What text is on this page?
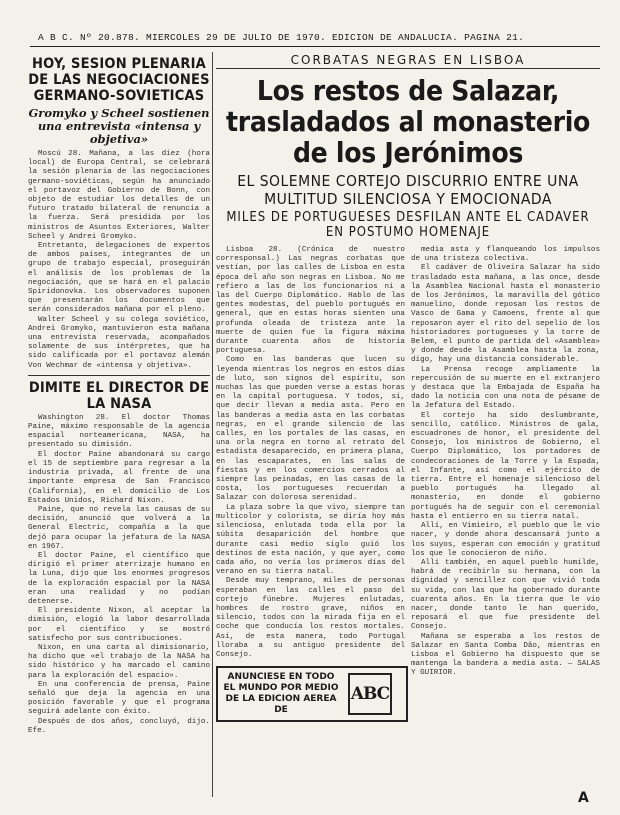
A B C. Nº 20.878. MIERCOLES 29 DE JULIO DE 1970. EDICION DE ANDALUCIA. PAGINA 21.
HOY, SESION PLENARIA DE LAS NEGOCIACIONES GERMANO-SOVIETICAS
Gromyko y Scheel sostienen una entrevista «intensa y objetiva»

Moscú 28. Mañana, a las diez (hora local) de Europa Central, se celebrará la sesión plenaria de las negociaciones germano-soviéticas, según ha anunciado el portavoz del Gobierno de Bonn, con objeto de estudiar los detalles de un futuro tratado bilateral de renuncia a la fuerza. Será presidida por los ministros de Asuntos Exteriores, Walter Scheel y Andrei Gromyko.

Entretanto, delegaciones de expertos de ambos países, integrantes de un grupo de trabajo especial, proseguirán el análisis de los problemas de la negociación, que se hará en el palacio Spiridonovka. Los observadores suponen que presentarán los documentos que serán considerados mañana por el pleno.

Walter Scheel y su colega soviético, Andrei Gromyko, mantuvieron esta mañana una entrevista reservada, acompañados solamente de sus intérpretes, que ha sido calificada por el portavoz alemán Von Wechmar de «intensa y objetiva».

DIMITE EL DIRECTOR DE LA NASA

Washington 28. El doctor Thomas Paine, máximo responsable de la agencia espacial norteamericana, NASA, ha presentado su dimisión.

El doctor Paine abandonará su cargo el 15 de septiembre para regresar a la industria privada, al frente de una importante empresa de San Francisco (California), en el domicilio de Los Estados Unidos, Richard Nixon.

Paine, que no revela las causas de su decisión, anunció que volverá a la General Electric, compañía a la que dejó para ocupar la jefatura de la NASA en 1967.

El doctor Paine, el científico que dirigió el primer aterrizaje humano en la Luna, dijo que los enormes progresos de la exploración espacial por la NASA eran una realidad y no podían detenerse.

El presidente Nixon, al aceptar la dimisión, elogió la labor desarrollada por el científico y se mostró satisfecho por sus contribuciones.

Nixon, en una carta al dimisionario, ha dicho que «el trabajo de la NASA ha sido histórico y ha marcado el camino para la exploración del espacio».

En una conferencia de prensa, Paine señaló que deja la agencia en una posición favorable y que el programa seguirá adelante con éxito.

Después de dos años, concluyó, dijo. Efe.

CORBATAS NEGRAS EN LISBOA
Los restos de Salazar, trasladados al monasterio de los Jerónimos
EL SOLEMNE CORTEJO DISCURRIO ENTRE UNA MULTITUD SILENCIOSA Y EMOCIONADA
MILES DE PORTUGUESES DESFILAN ANTE EL CADAVER EN POSTUMO HOMENAJE

Lisboa 28. (Crónica de nuestro corresponsal.) Las negras corbatas que vestían, por las calles de Lisboa en esta época del año son negras en Lisboa. No me refiero a las de los funcionarios ni a las del Cuerpo Diplomático. Hablo de las gentes modestas, del pueblo portugués en general, que en estas horas sienten una profunda oleada de tristeza ante la muerte de quien fue la figura máxima durante cuarenta años de historia portuguesa.

Como en las banderas que lucen su leyenda mientras los negros en estos días de luto, son signos del espíritu, son muchas las que pueden verse a estas horas en la capital portuguesa. Y todos, sí, que decir llevan a media asta. Pero en las banderas a media asta en las corbatas negras, en el grande silencio de las calles, en los portales de las casas, en una orla negra en torno al retrato del estadista desaparecido, en primera plana, en las escaparates, en las salas de fiestas y en los comercios cerrados al siempre las peinadas, en las casas de la costa, los portugueses recuerdan a Salazar con dolorosa serenidad.

La plaza sobre la que vivo, siempre tan multicolor y colorista, se diría hoy más silenciosa, enlutada toda ella por la súbita desaparición del hombre que durante casi medio siglo guió los destinos de esta nación, y que ayer, como cada año, no vería los primeros días del verano en su tierra natal.

Desde muy temprano, miles de personas esperaban en las calles el paso del cortejo fúnebre. Mujeres enlutadas, hombres de rostro grave, niños en silencio, todos con la mirada fija en el coche que conducía los restos mortales. Así, de esta manera, todo Portugal lloraba a su antiguo presidente del Consejo.

ANUNCIESE EN TODO EL MUNDO POR MEDIO DE LA EDICION AEREA DE
ABC

media asta y flanqueando los impulsos de una tristeza colectiva.

El cadáver de Oliveira Salazar ha sido trasladado esta mañana, a las once, desde la Asamblea Nacional hasta el monasterio de los Jerónimos, la maravilla del gótico manuelino, donde reposan los restos de Vasco de Gama y Camoens, frente al que reposaron ayer el rito del sepelio de los historiadores portugueses y la torre de Belem, el punto de partida del «Asamblea» y donde desde la Asamblea hasta la zona, digo, hay una distancia considerable.

La Prensa recoge ampliamente la repercusión de su muerte en el extranjero y destaca que la Embajada de España ha dado la noticia con una nota de pésame de la Jefatura del Estado.

El cortejo ha sido deslumbrante, sencillo, católico. Ministros de gala, escuadrones de honor, el presidente del Consejo, los ministros de Gobierno, el Cuerpo Diplomático, los portadores de condecoraciones de la Torre y la Espada, el Infante, así como el ejército de tierra. Entre el homenaje silencioso del pueblo portugués ha llegado al monasterio, en donde el gobierno portugués ha de seguir con el ceremonial hasta el entierro en su tierra natal.

Allí, en Vimieiro, el pueblo que le vio nacer, y donde ahora descansará junto a los suyos, esperan con emoción y gratitud los que le conocieron de niño.

Allí también, en aquel pueblo humilde, habrá de recibirlo su hermana, con la dignidad y sencillez con que vivió toda su vida, con las que ha gobernado durante cuarenta años. En la tierra que le vio nacer, donde tanto le han querido, reposará el que fue presidente del Consejo.

Mañana se esperaba a los restos de Salazar en Santa Comba Dão, mientras en Lisboa el Gobierno ha dispuesto que se mantenga la bandera a media asta. — SALAS Y GUIRIOR.

A
